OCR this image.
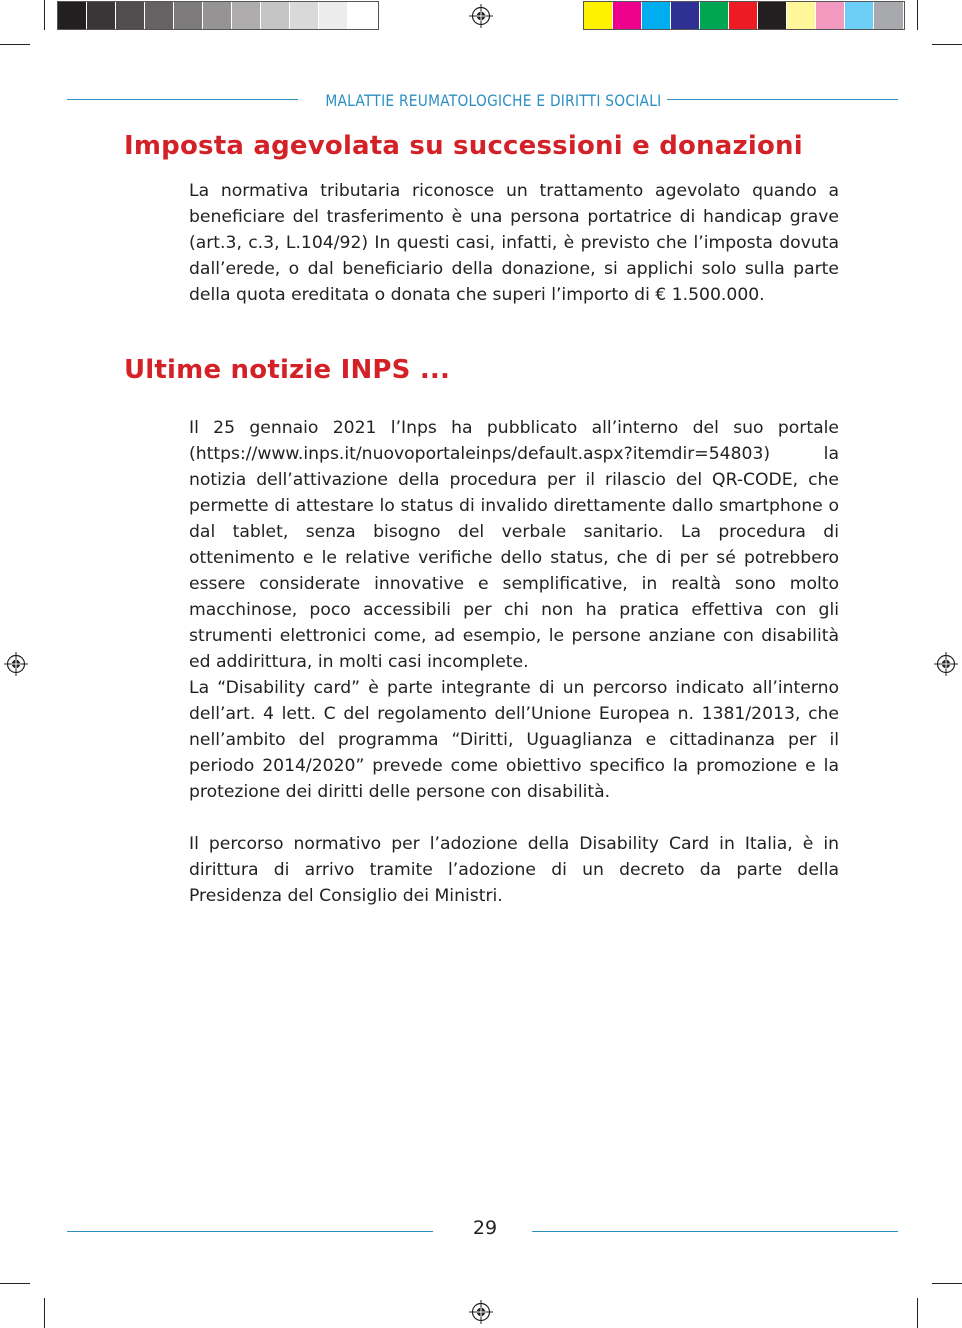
MALATTIE REUMATOLOGICHE E DIRITTI SOCIALI
Imposta agevolata su successioni e donazioni

La normativa tributaria riconosce un trattamento agevolato quando a beneficiare del trasferimento è una persona portatrice di handicap grave (art.3, c.3, L.104/92) In questi casi, infatti, è previsto che l’imposta dovuta dall’erede, o dal beneficiario della donazione, si applichi solo sulla parte della quota ereditata o donata che superi l’importo di € 1.500.000.

Ultime notizie INPS ...

Il 25 gennaio 2021 l’Inps ha pubblicato all’interno del suo portale (https://www.inps.it/nuovoportaleinps/default.aspx?itemdir=54803) la notizia dell’attivazione della procedura per il rilascio del QR-CODE, che permette di attestare lo status di invalido direttamente dallo smartphone o dal tablet, senza bisogno del verbale sanitario. La procedura di ottenimento e le relative verifiche dello status, che di per sé potrebbero essere considerate innovative e semplificative, in realtà sono molto macchinose, poco accessibili per chi non ha pratica effettiva con gli strumenti elettronici come, ad esempio, le persone anziane con disabilità ed addirittura, in molti casi incomplete.

La “Disability card” è parte integrante di un percorso indicato all’interno dell’art. 4 lett. C del regolamento dell’Unione Europea n. 1381/2013, che nell’ambito del programma “Diritti, Uguaglianza e cittadinanza per il periodo 2014/2020” prevede come obiettivo specifico la promozione e la protezione dei diritti delle persone con disabilità.

Il percorso normativo per l’adozione della Disability Card in Italia, è in dirittura di arrivo tramite l’adozione di un decreto da parte della Presidenza del Consiglio dei Ministri.

29
